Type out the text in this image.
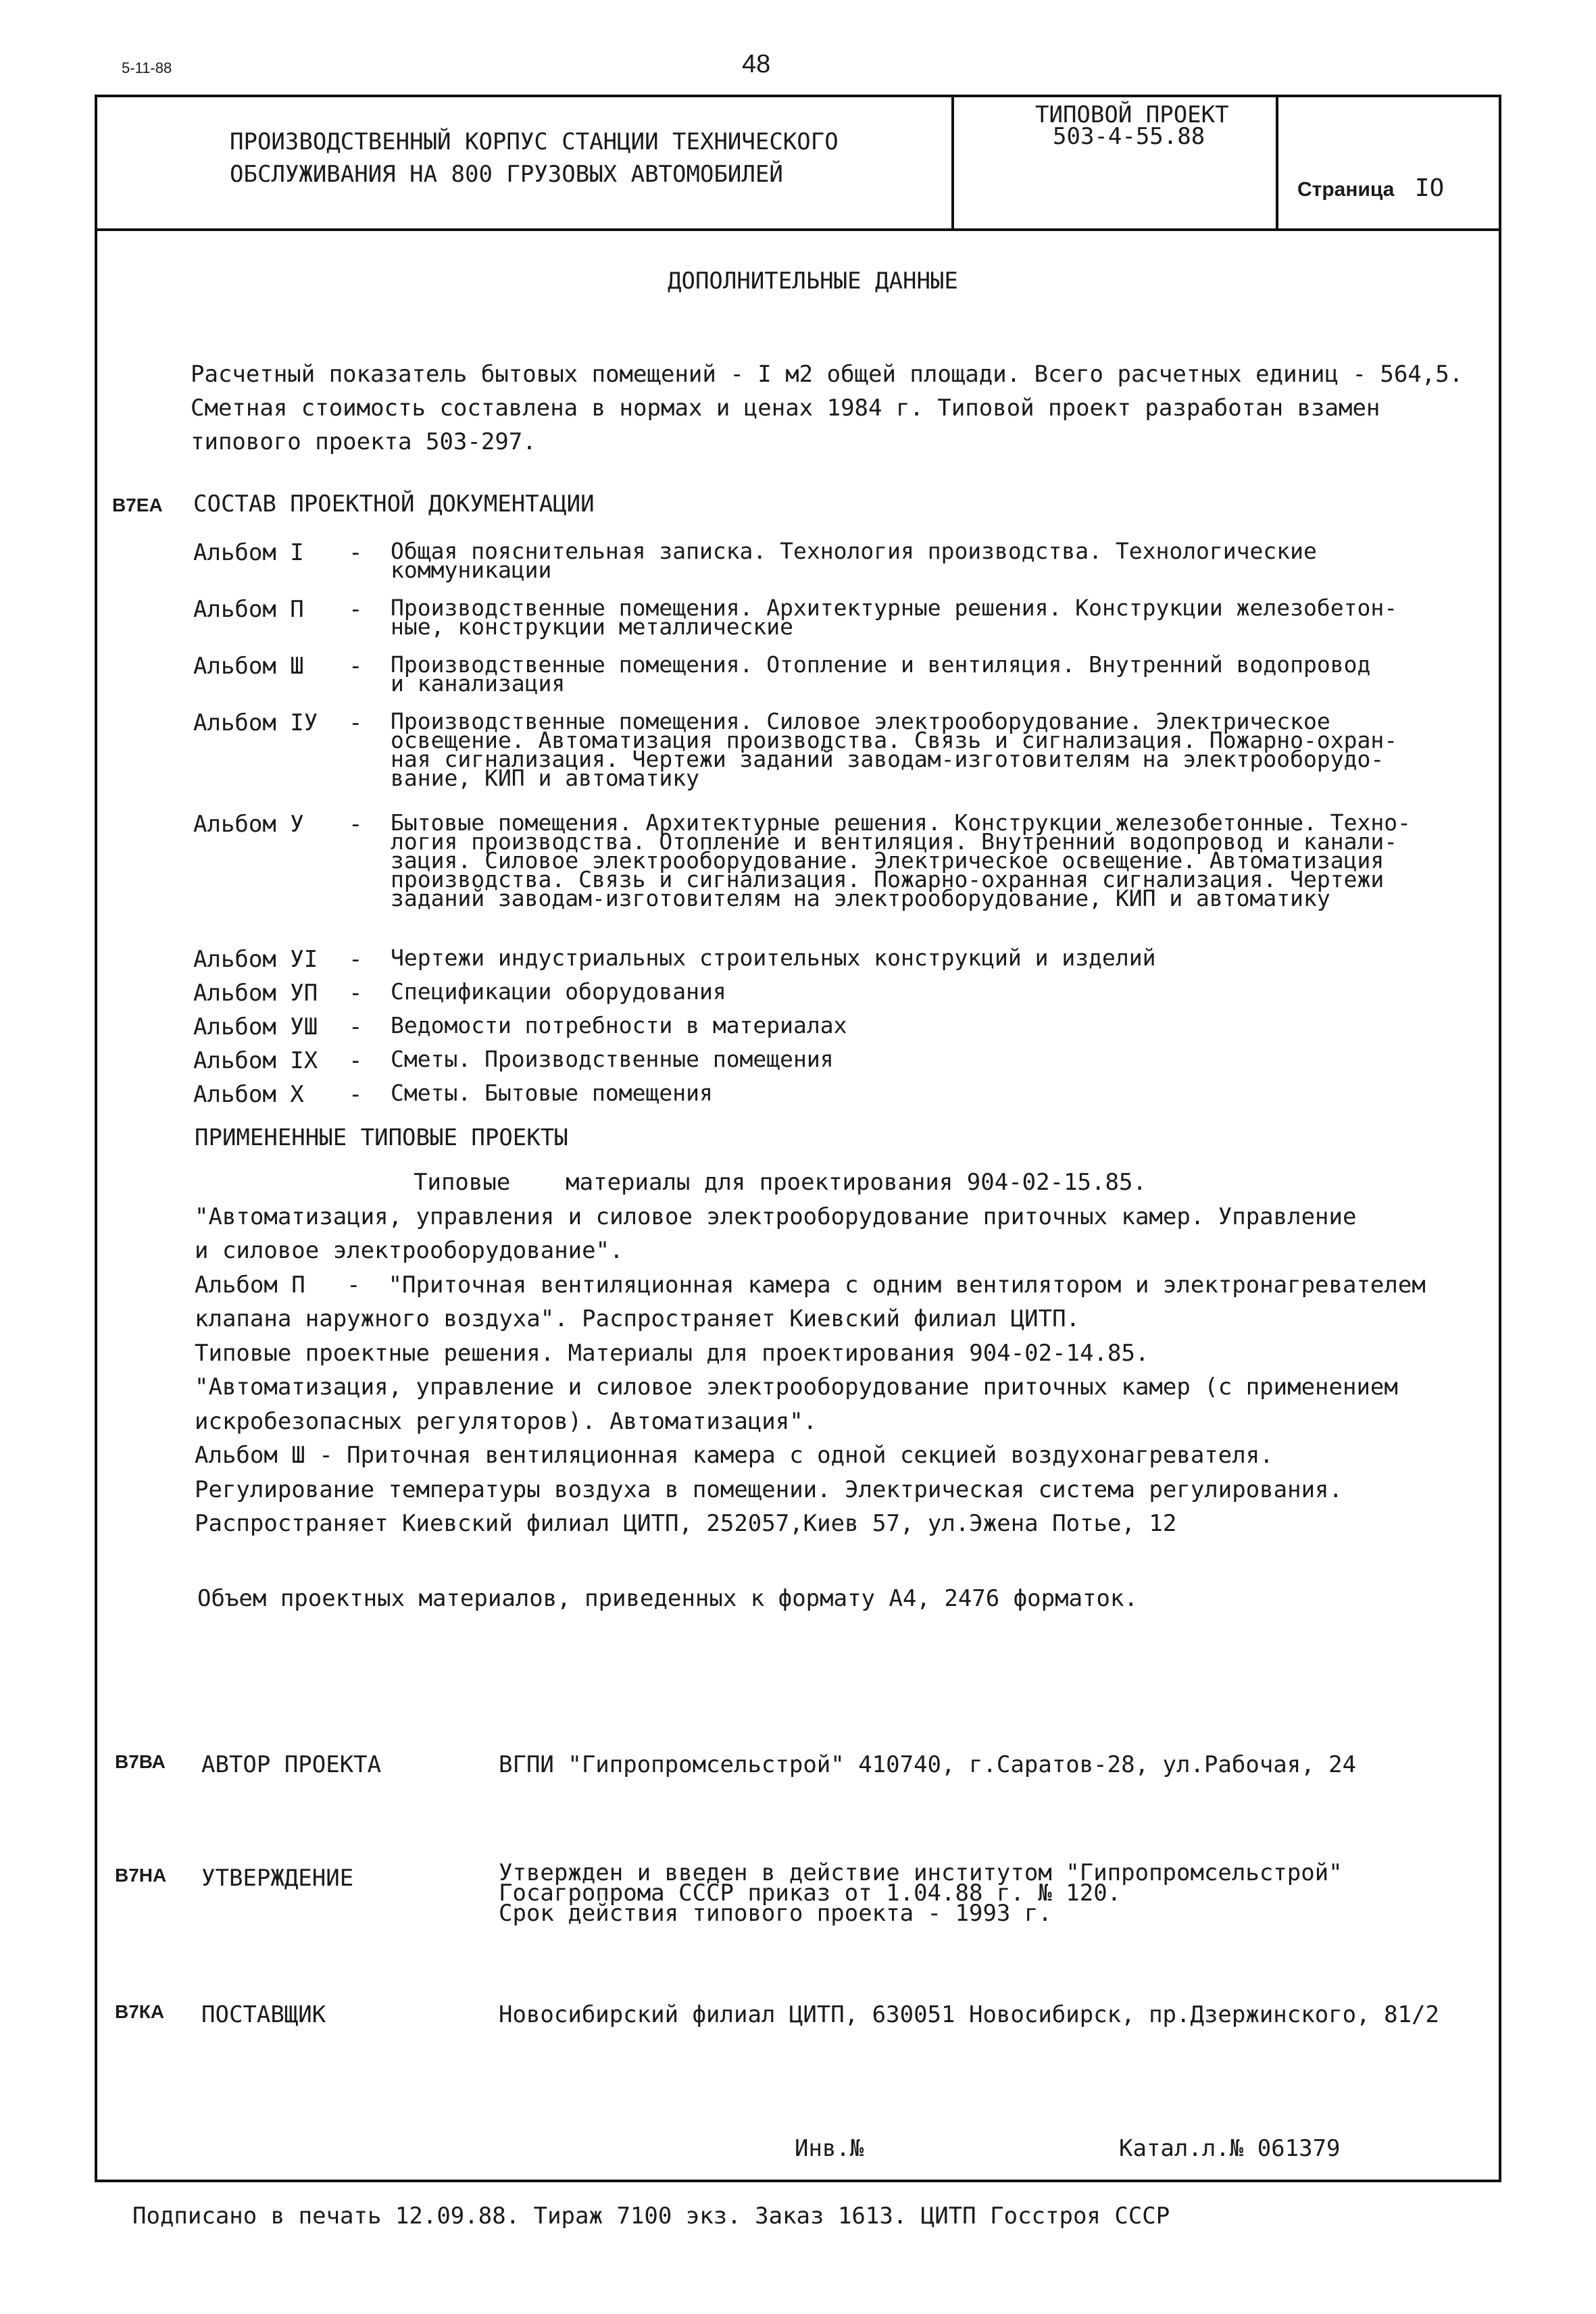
5-11-88	48
ПРОИЗВОДСТВЕННЫЙ КОРПУС СТАНЦИИ ТЕХНИЧЕСКОГО
ОБСЛУЖИВАНИЯ НА 800 ГРУЗОВЫХ АВТОМОБИЛЕЙ
ТИПОВОЙ ПРОЕКТ
503-4-55.88
Страница IO
ДОПОЛНИТЕЛЬНЫЕ ДАННЫЕ
Расчетный показатель бытовых помещений - I м2 общей площади. Всего расчетных единиц - 564,5.
Сметная стоимость составлена в нормах и ценах 1984 г. Типовой проект разработан взамен
типового проекта 503-297.
В7ЕА СОСТАВ ПРОЕКТНОЙ ДОКУМЕНТАЦИИ
Альбом I - Общая пояснительная записка. Технология производства. Технологические
коммуникации
Альбом П - Производственные помещения. Архитектурные решения. Конструкции железобетон-
ные, конструкции металлические
Альбом Ш - Производственные помещения. Отопление и вентиляция. Внутренний водопровод
и канализация
Альбом IУ - Производственные помещения. Силовое электрооборудование. Электрическое
освещение. Автоматизация производства. Связь и сигнализация. Пожарно-охран-
ная сигнализация. Чертежи заданий заводам-изготовителям на электрооборудо-
вание, КИП и автоматику
Альбом У - Бытовые помещения. Архитектурные решения. Конструкции железобетонные. Техно-
логия производства. Отопление и вентиляция. Внутренний водопровод и канали-
зация. Силовое электрооборудование. Электрическое освещение. Автоматизация
производства. Связь и сигнализация. Пожарно-охранная сигнализация. Чертежи
заданий заводам-изготовителям на электрооборудование, КИП и автоматику
Альбом УI - Чертежи индустриальных строительных конструкций и изделий
Альбом УП - Спецификации оборудования
Альбом УШ - Ведомости потребности в материалах
Альбом IX - Сметы. Производственные помещения
Альбом X - Сметы. Бытовые помещения
ПРИМЕНЕННЫЕ ТИПОВЫЕ ПРОЕКТЫ
Типовые    материалы для проектирования 904-02-15.85.
"Автоматизация, управления и силовое электрооборудование приточных камер. Управление
и силовое электрооборудование".
Альбом П   -  "Приточная вентиляционная камера с одним вентилятором и электронагревателем
клапана наружного воздуха". Распространяет Киевский филиал ЦИТП.
Типовые проектные решения. Материалы для проектирования 904-02-14.85.
"Автоматизация, управление и силовое электрооборудование приточных камер (с применением
искробезопасных регуляторов). Автоматизация".
Альбом Ш - Приточная вентиляционная камера с одной секцией воздухонагревателя.
Регулирование температуры воздуха в помещении. Электрическая система регулирования.
Распространяет Киевский филиал ЦИТП, 252057,Киев 57, ул.Эжена Потье, 12
Объем проектных материалов, приведенных к формату А4, 2476 форматок.
В7ВА АВТОР ПРОЕКТА	ВГПИ "Гипропромсельстрой" 410740, г.Саратов-28, ул.Рабочая, 24
В7НА УТВЕРЖДЕНИЕ	Утвержден и введен в действие институтом "Гипропромсельстрой"
Госагропрома СССР приказ от 1.04.88 г. № 120.
Срок действия типового проекта - 1993 г.
В7КА ПОСТАВЩИК	Новосибирский филиал ЦИТП, 630051 Новосибирск, пр.Дзержинского, 81/2
Инв.№	Катал.л.№ 061379
Подписано в печать 12.09.88. Тираж 7100 экз. Заказ 1613. ЦИТП Госстроя СССР
